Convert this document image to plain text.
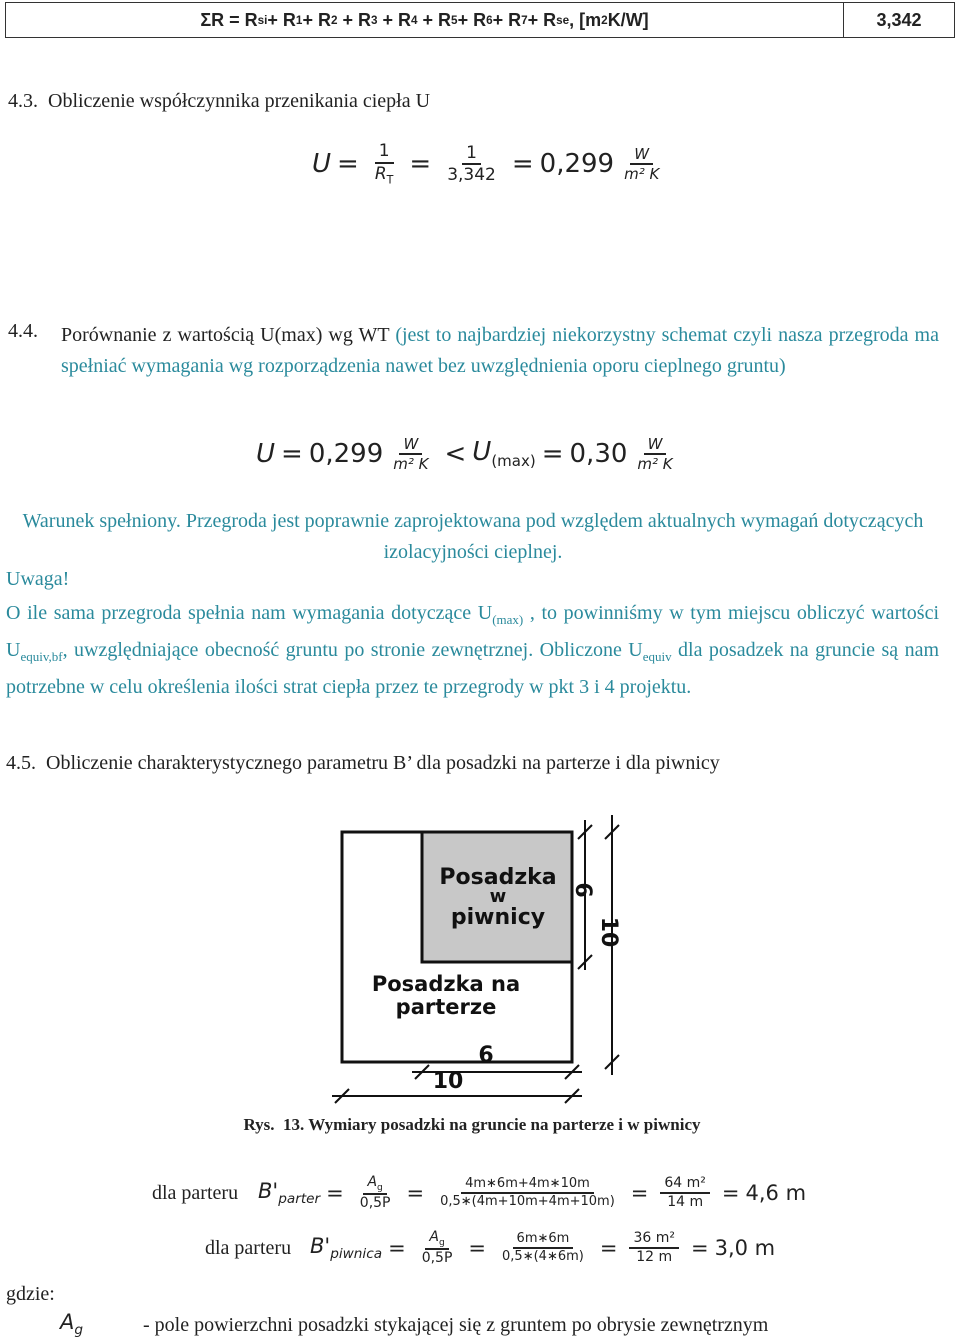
ΣR = R si + R 1 + R 2 + R 3 + R 4 + R 5 + R 6 + R 7 + R se , [m 2 K/W]	3,342
4.3.  Obliczenie współczynnika przenikania ciepła U
$U = \frac{1}{R_T} = \frac{1}{3,342} = 0,299 \frac{W}{\text{m² K}}$
4.4.	Porównanie z wartością U(max) wg WT (jest to najbardziej niekorzystny schemat czyli nasza przegroda ma spełniać wymagania wg rozporządzenia nawet bez uwzględnienia oporu cieplnego gruntu)
$U = 0,299 \frac{W}{\text{m² K}} < U_{(max)} = 0,30 \frac{W}{\text{m² K}}$
Warunek spełniony. Przegroda jest poprawnie zaprojektowana pod względem aktualnych wymagań dotyczących izolacyjności cieplnej.
Uwaga!
O ile sama przegroda spełnia nam wymagania dotyczące $U_{(max)}$ , to powinniśmy w tym miejscu obliczyć wartości $U_{equiv,bf}$, uwzględniające obecność gruntu po stronie zewnętrznej. Obliczone $U_{equiv}$ dla posadzek na gruncie są nam potrzebne w celu określenia ilości strat ciepła przez te przegrody w pkt 3 i 4 projektu.
4.5.  Obliczenie charakterystycznego parametru B’ dla posadzki na parterze i dla piwnicy
Posadzka
w
piwnicy
Posadzka na
parterze
6
10
6
10
Rys.  13. Wymiary posadzki na gruncie na parterze i w piwnicy
dla parteru $B'_{parter} = \frac{A_g}{0,5P} = \frac{4m∗6m+4m∗10m}{0,5∗(4m+10m+4m+10m)} = \frac{\text{64 m²}}{14 m} = 4,6$ m
dla parteru $B'_{piwnica} = \frac{A_g}{0,5P} = \frac{6m∗6m}{0,5∗(4∗6m)} = \frac{\text{36 m²}}{12 m} = 3,0$ m
gdzie:
$A_g$	- pole powierzchni posadzki stykającej się z gruntem po obrysie zewnętrznym
